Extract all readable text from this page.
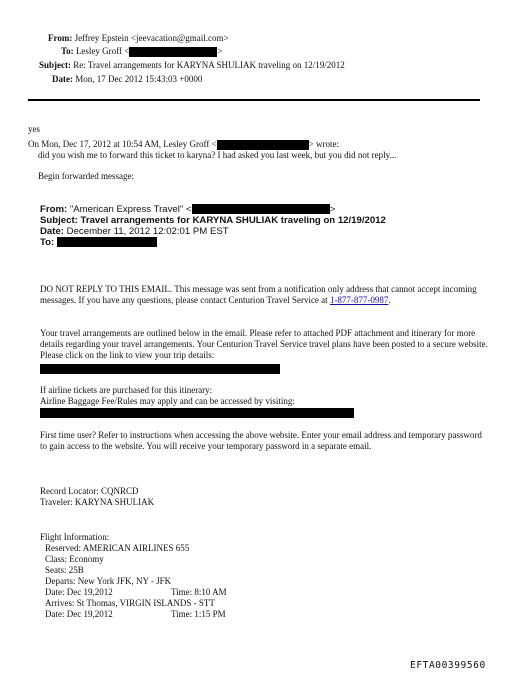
From: Jeffrey Epstein <jeevacation@gmail.com>
To: Lesley Groff <	>
Subject: Re: Travel arrangements for KARYNA SHULIAK traveling on 12/19/2012
Date: Mon, 17 Dec 2012 15:43:03 +0000
yes
On Mon, Dec 17, 2012 at 10:54 AM, Lesley Groff <	> wrote:
did you wish me to forward this ticket to karyna? I had asked you last week, but you did not reply...
Begin forwarded message:
From: "American Express Travel" <	>
Subject: Travel arrangements for KARYNA SHULIAK traveling on 12/19/2012
Date: December 11, 2012 12:02:01 PM EST
To:
DO NOT REPLY TO THIS EMAIL. This message was sent from a notification only address that cannot accept incoming messages. If you have any questions, please contact Centurion Travel Service at 1-877-877-0987.
Your travel arrangements are outlined below in the email. Please refer to attached PDF attachment and itinerary for more details regarding your travel arrangements. Your Centurion Travel Service travel plans have been posted to a secure website. Please click on the link to view your trip details:
If airline tickets are purchased for this itinerary:
Airline Baggage Fee/Rules may apply and can be accessed by visiting:
First time user? Refer to instructions when accessing the above website. Enter your email address and temporary password to gain access to the website. You will receive your temporary password in a separate email.
Record Locator: CQNRCD
Traveler: KARYNA SHULIAK
Flight Information:
Reserved: AMERICAN AIRLINES 655
Class: Economy
Seats: 25B
Departs: New York JFK, NY - JFK
Date: Dec 19,2012	Time: 8:10 AM
Arrives: St Thomas, VIRGIN ISLANDS - STT
Date: Dec 19,2012	Time: 1:15 PM
EFTA00399560
